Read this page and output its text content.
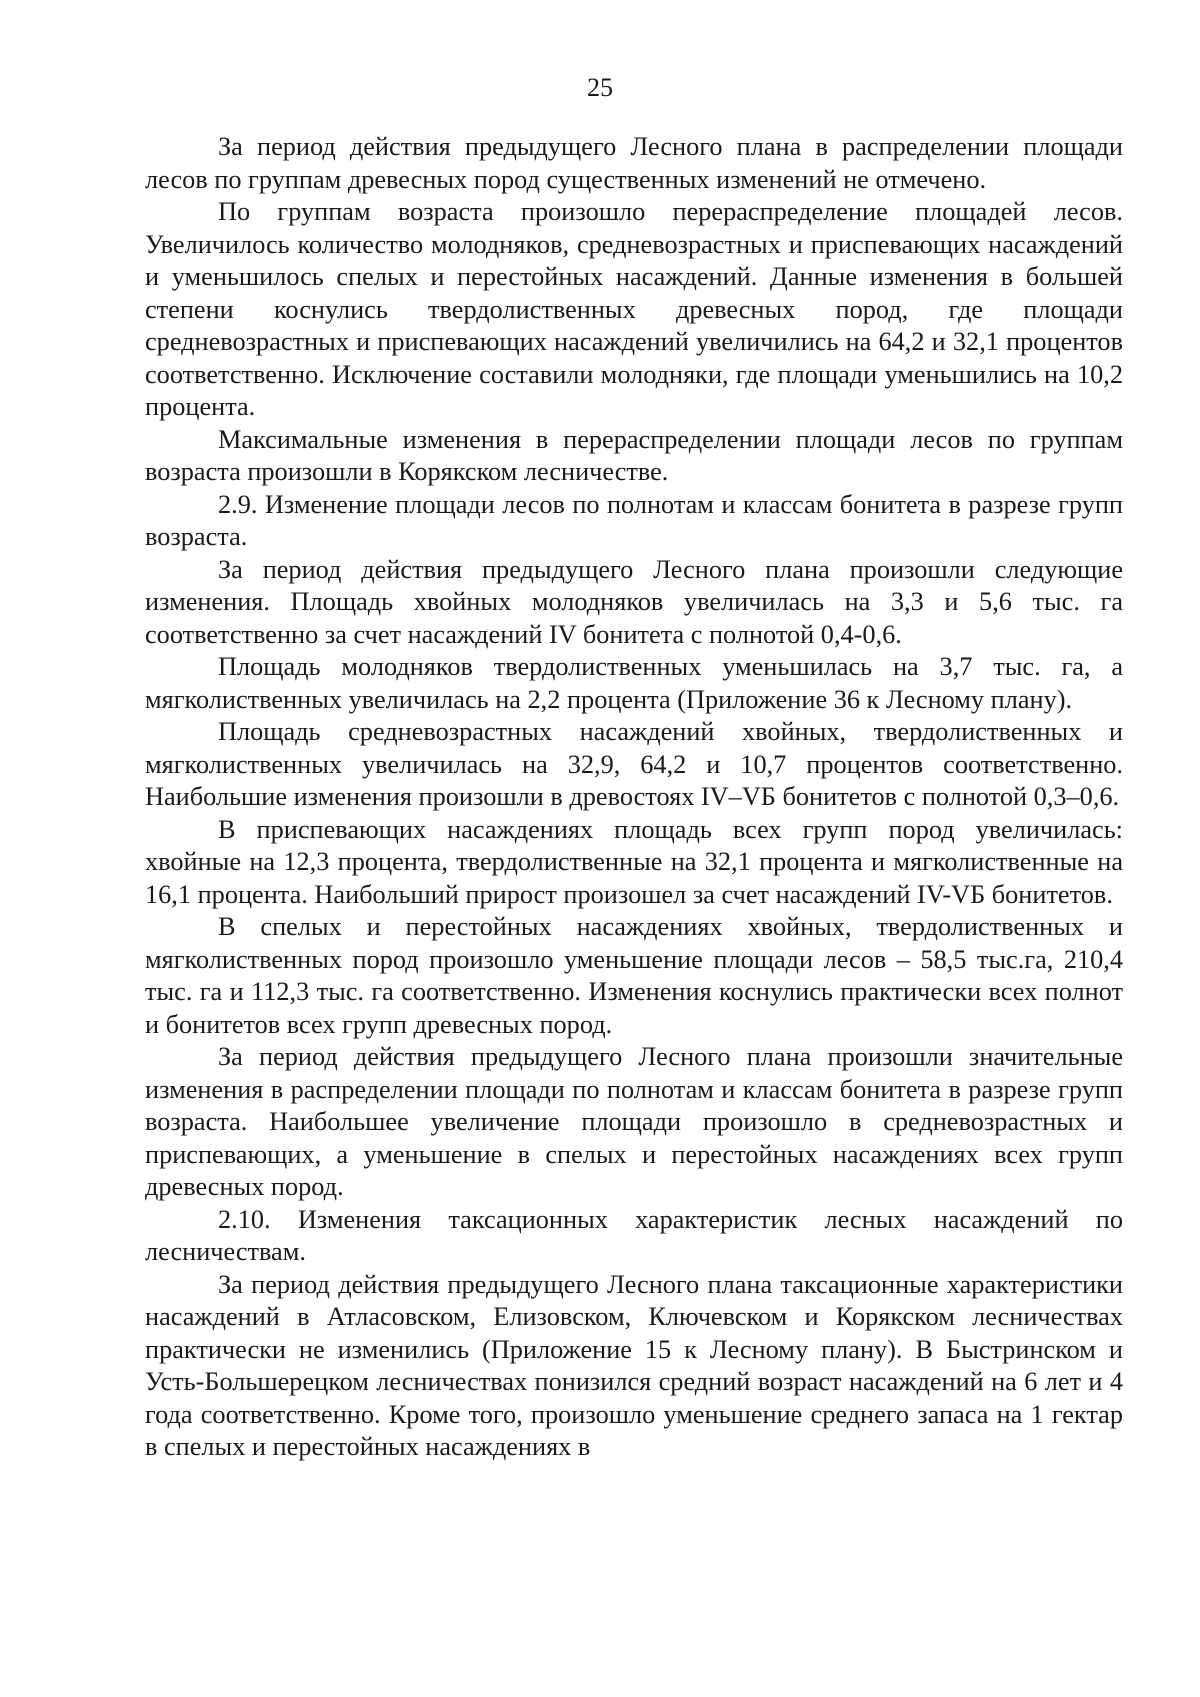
25

За период действия предыдущего Лесного плана в распределении площади лесов по группам древесных пород существенных изменений не отмечено.

По группам возраста произошло перераспределение площадей лесов. Увеличилось количество молодняков, средневозрастных и приспевающих насаждений и уменьшилось спелых и перестойных насаждений. Данные изменения в большей степени коснулись твердолиственных древесных пород, где площади средневозрастных и приспевающих насаждений увеличились на 64,2 и 32,1 процентов соответственно. Исключение составили молодняки, где площади уменьшились на 10,2 процента.

Максимальные изменения в перераспределении площади лесов по группам возраста произошли в Корякском лесничестве.

2.9. Изменение площади лесов по полнотам и классам бонитета в разрезе групп возраста.

За период действия предыдущего Лесного плана произошли следующие изменения. Площадь хвойных молодняков увеличилась на 3,3 и 5,6 тыс. га соответственно за счет насаждений IV бонитета с полнотой 0,4-0,6.

Площадь молодняков твердолиственных уменьшилась на 3,7 тыс. га, а мягколиственных увеличилась на 2,2 процента (Приложение 36 к Лесному плану).

Площадь средневозрастных насаждений хвойных, твердолиственных и мягколиственных увеличилась на 32,9, 64,2 и 10,7 процентов соответственно. Наибольшие изменения произошли в древостоях IV–VБ бонитетов с полнотой 0,3–0,6.

В приспевающих насаждениях площадь всех групп пород увеличилась: хвойные на 12,3 процента, твердолиственные на 32,1 процента и мягколиственные на 16,1 процента. Наибольший прирост произошел за счет насаждений IV-VБ бонитетов.

В спелых и перестойных насаждениях хвойных, твердолиственных и мягколиственных пород произошло уменьшение площади лесов – 58,5 тыс.га, 210,4 тыс. га и 112,3 тыс. га соответственно. Изменения коснулись практически всех полнот и бонитетов всех групп древесных пород.

За период действия предыдущего Лесного плана произошли значительные изменения в распределении площади по полнотам и классам бонитета в разрезе групп возраста. Наибольшее увеличение площади произошло в средневозрастных и приспевающих, а уменьшение в спелых и перестойных насаждениях всех групп древесных пород.

2.10. Изменения таксационных характеристик лесных насаждений по лесничествам.

За период действия предыдущего Лесного плана таксационные характеристики насаждений в Атласовском, Елизовском, Ключевском и Корякском лесничествах практически не изменились (Приложение 15 к Лесному плану). В Быстринском и Усть-Большерецком лесничествах понизился средний возраст насаждений на 6 лет и 4 года соответственно. Кроме того, произошло уменьшение среднего запаса на 1 гектар в спелых и перестойных насаждениях в
